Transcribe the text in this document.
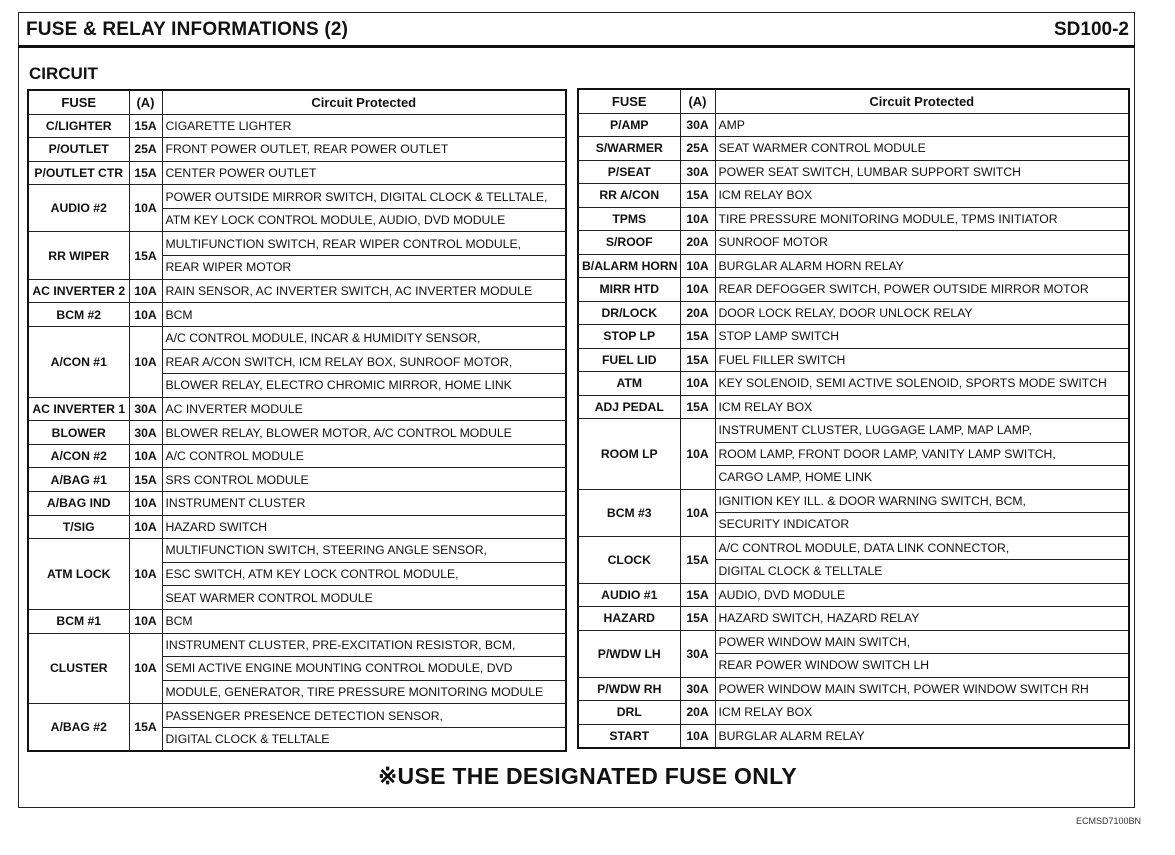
FUSE & RELAY INFORMATIONS (2)	SD100-2
CIRCUIT
FUSE	(A)	Circuit Protected
C/LIGHTER	15A	CIGARETTE LIGHTER
P/OUTLET	25A	FRONT POWER OUTLET, REAR POWER OUTLET
P/OUTLET CTR	15A	CENTER POWER OUTLET
AUDIO #2	10A	POWER OUTSIDE MIRROR SWITCH, DIGITAL CLOCK & TELLTALE,
		ATM KEY LOCK CONTROL MODULE, AUDIO, DVD MODULE
RR WIPER	15A	MULTIFUNCTION SWITCH, REAR WIPER CONTROL MODULE,
		REAR WIPER MOTOR
AC INVERTER 2	10A	RAIN SENSOR, AC INVERTER SWITCH, AC INVERTER MODULE
BCM #2	10A	BCM
A/CON #1	10A	A/C CONTROL MODULE, INCAR & HUMIDITY SENSOR,
		REAR A/CON SWITCH, ICM RELAY BOX, SUNROOF MOTOR,
		BLOWER RELAY, ELECTRO CHROMIC MIRROR, HOME LINK
AC INVERTER 1	30A	AC INVERTER MODULE
BLOWER	30A	BLOWER RELAY, BLOWER MOTOR, A/C CONTROL MODULE
A/CON #2	10A	A/C CONTROL MODULE
A/BAG #1	15A	SRS CONTROL MODULE
A/BAG IND	10A	INSTRUMENT CLUSTER
T/SIG	10A	HAZARD SWITCH
ATM LOCK	10A	MULTIFUNCTION SWITCH, STEERING ANGLE SENSOR,
		ESC SWITCH, ATM KEY LOCK CONTROL MODULE,
		SEAT WARMER CONTROL MODULE
BCM #1	10A	BCM
CLUSTER	10A	INSTRUMENT CLUSTER, PRE-EXCITATION RESISTOR, BCM,
		SEMI ACTIVE ENGINE MOUNTING CONTROL MODULE, DVD
		MODULE, GENERATOR, TIRE PRESSURE MONITORING MODULE
A/BAG #2	15A	PASSENGER PRESENCE DETECTION SENSOR,
		DIGITAL CLOCK & TELLTALE
FUSE	(A)	Circuit Protected
P/AMP	30A	AMP
S/WARMER	25A	SEAT WARMER CONTROL MODULE
P/SEAT	30A	POWER SEAT SWITCH, LUMBAR SUPPORT SWITCH
RR A/CON	15A	ICM RELAY BOX
TPMS	10A	TIRE PRESSURE MONITORING MODULE, TPMS INITIATOR
S/ROOF	20A	SUNROOF MOTOR
B/ALARM HORN	10A	BURGLAR ALARM HORN RELAY
MIRR HTD	10A	REAR DEFOGGER SWITCH, POWER OUTSIDE MIRROR MOTOR
DR/LOCK	20A	DOOR LOCK RELAY, DOOR UNLOCK RELAY
STOP LP	15A	STOP LAMP SWITCH
FUEL LID	15A	FUEL FILLER SWITCH
ATM	10A	KEY SOLENOID, SEMI ACTIVE SOLENOID, SPORTS MODE SWITCH
ADJ PEDAL	15A	ICM RELAY BOX
ROOM LP	10A	INSTRUMENT CLUSTER, LUGGAGE LAMP, MAP LAMP,
		ROOM LAMP, FRONT DOOR LAMP, VANITY LAMP SWITCH,
		CARGO LAMP, HOME LINK
BCM #3	10A	IGNITION KEY ILL. & DOOR WARNING SWITCH, BCM,
		SECURITY INDICATOR
CLOCK	15A	A/C CONTROL MODULE, DATA LINK CONNECTOR,
		DIGITAL CLOCK & TELLTALE
AUDIO #1	15A	AUDIO, DVD MODULE
HAZARD	15A	HAZARD SWITCH, HAZARD RELAY
P/WDW LH	30A	POWER WINDOW MAIN SWITCH,
		REAR POWER WINDOW SWITCH LH
P/WDW RH	30A	POWER WINDOW MAIN SWITCH, POWER WINDOW SWITCH RH
DRL	20A	ICM RELAY BOX
START	10A	BURGLAR ALARM RELAY
※USE THE DESIGNATED FUSE ONLY
ECMSD7100BN
